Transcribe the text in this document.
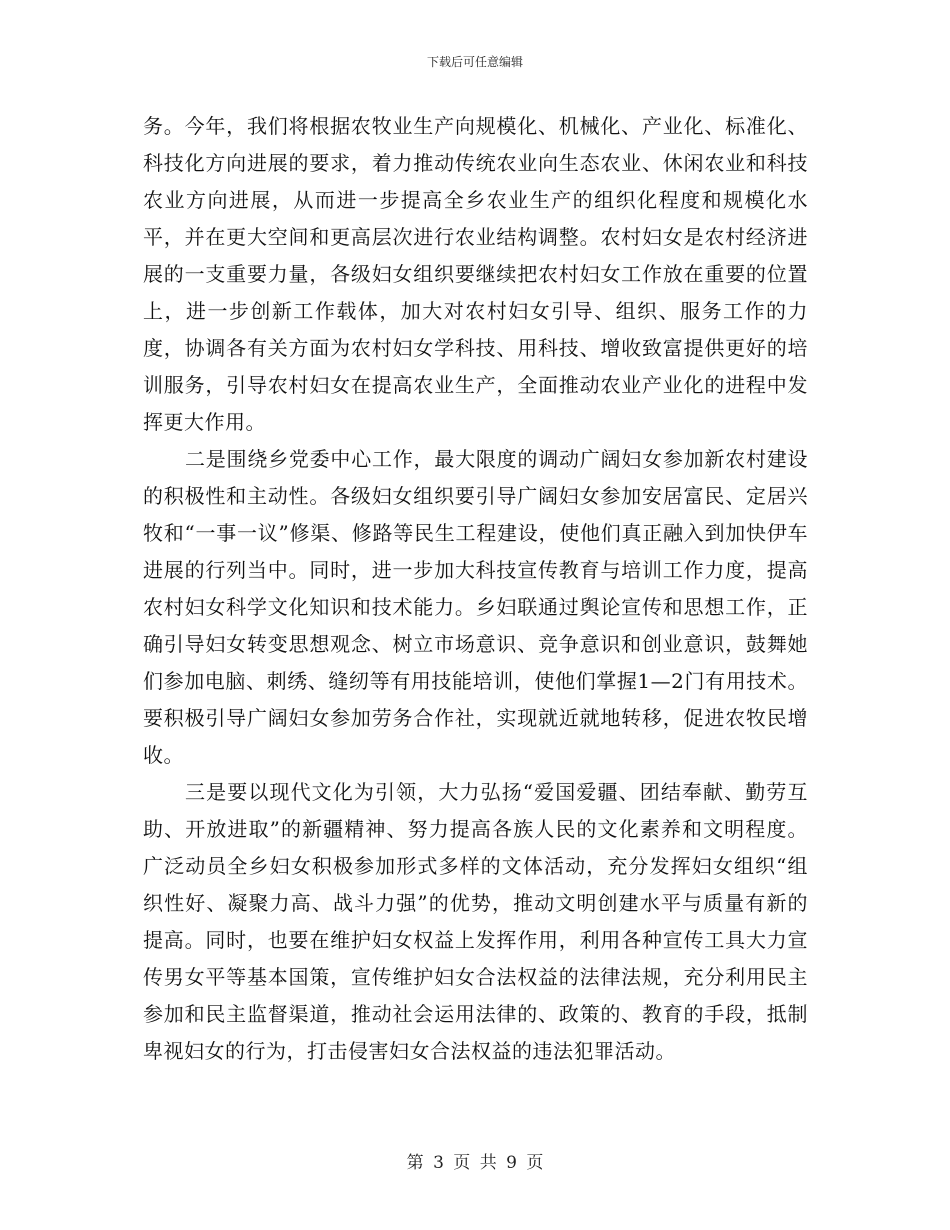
下载后可任意编辑

务。今年，我们将根据农牧业生产向规模化、机械化、产业化、标准化、科技化方向进展的要求，着力推动传统农业向生态农业、休闲农业和科技农业方向进展，从而进一步提高全乡农业生产的组织化程度和规模化水平，并在更大空间和更高层次进行农业结构调整。农村妇女是农村经济进展的一支重要力量，各级妇女组织要继续把农村妇女工作放在重要的位置上，进一步创新工作载体，加大对农村妇女引导、组织、服务工作的力度，协调各有关方面为农村妇女学科技、用科技、增收致富提供更好的培训服务，引导农村妇女在提高农业生产，全面推动农业产业化的进程中发挥更大作用。

二是围绕乡党委中心工作，最大限度的调动广阔妇女参加新农村建设的积极性和主动性。各级妇女组织要引导广阔妇女参加安居富民、定居兴牧和“一事一议”修渠、修路等民生工程建设，使他们真正融入到加快伊车进展的行列当中。同时，进一步加大科技宣传教育与培训工作力度，提高农村妇女科学文化知识和技术能力。乡妇联通过舆论宣传和思想工作，正确引导妇女转变思想观念、树立市场意识、竞争意识和创业意识，鼓舞她们参加电脑、刺绣、缝纫等有用技能培训，使他们掌握1—2门有用技术。要积极引导广阔妇女参加劳务合作社，实现就近就地转移，促进农牧民增收。

三是要以现代文化为引领，大力弘扬“爱国爱疆、团结奉献、勤劳互助、开放进取”的新疆精神、努力提高各族人民的文化素养和文明程度。广泛动员全乡妇女积极参加形式多样的文体活动，充分发挥妇女组织“组织性好、凝聚力高、战斗力强”的优势，推动文明创建水平与质量有新的提高。同时，也要在维护妇女权益上发挥作用，利用各种宣传工具大力宣传男女平等基本国策，宣传维护妇女合法权益的法律法规，充分利用民主参加和民主监督渠道，推动社会运用法律的、政策的、教育的手段，抵制卑视妇女的行为，打击侵害妇女合法权益的违法犯罪活动。

第 3 页 共 9 页
